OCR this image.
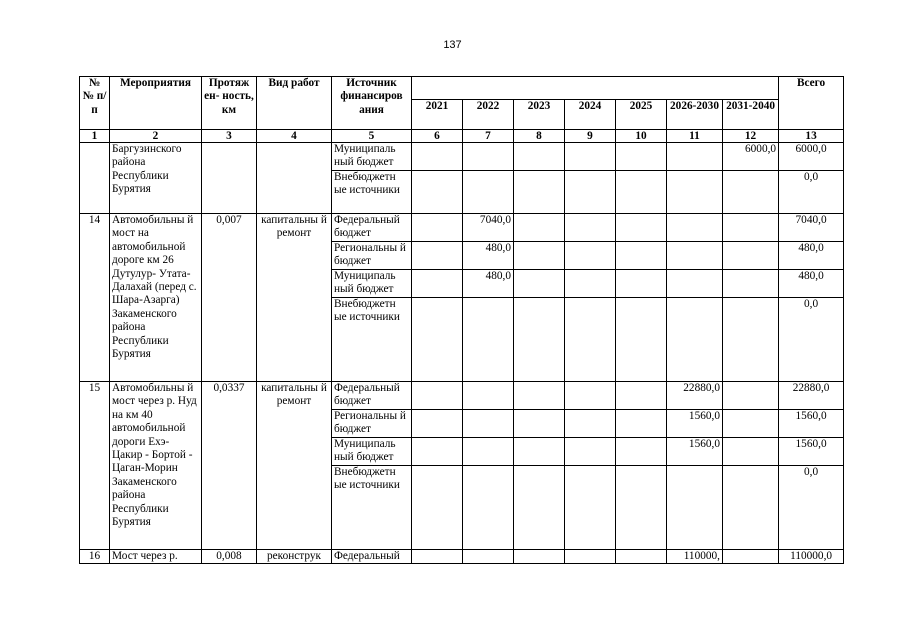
137
№ № п/п	Мероприятия	Протяж ен- ность, км	Вид работ	Источник финансиров ания								Всего
					2021	2022	2023	2024	2025	2026-2030	2031-2040	
1	2	3	4	5	6	7	8	9	10	11	12	13
	Баргузинского района Республики Бурятия			Муниципаль ный бюджет							6000,0	6000,0
				Внебюджетн ые источники								0,0
14	Автомобильны й мост на автомобильной дороге км 26 Дутулур- Утата-Далахай (перед с. Шара-Азарга) Закаменского района Республики Бурятия	0,007	капитальны й ремонт	Федеральный бюджет		7040,0						7040,0
				Региональны й бюджет		480,0						480,0
				Муниципаль ный бюджет		480,0						480,0
				Внебюджетн ые источники								0,0
15	Автомобильны й мост через р. Нуд на км 40 автомобильной дороги Ехэ- Цакир - Бортой - Цаган-Морин Закаменского района Республики Бурятия	0,0337	капитальны й ремонт	Федеральный бюджет						22880,0		22880,0
				Региональны й бюджет						1560,0		1560,0
				Муниципаль ный бюджет						1560,0		1560,0
				Внебюджетн ые источники								0,0
16	Мост через р.	0,008	реконструк	Федеральный						110000,		110000,0
